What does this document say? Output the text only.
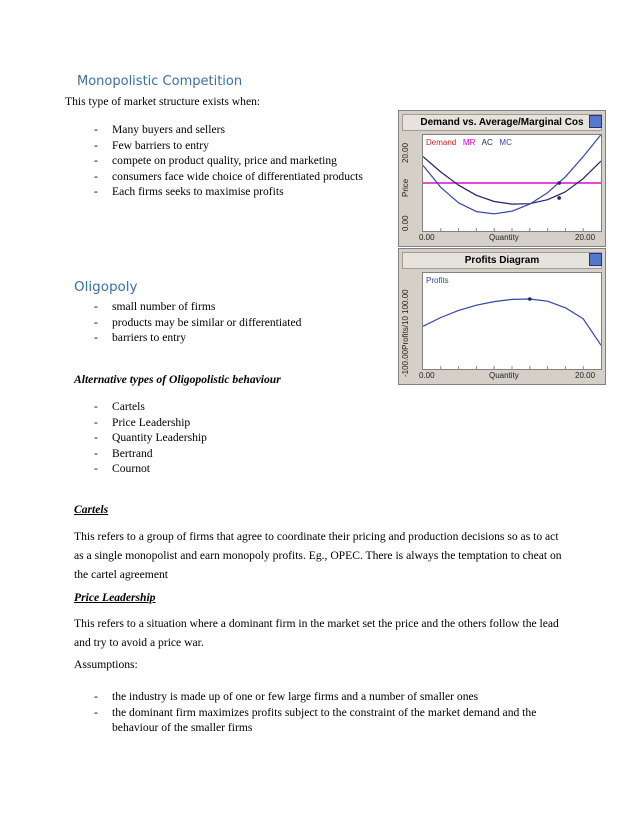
Monopolistic Competition
This type of market structure exists when:
- Many buyers and sellers
- Few barriers to entry
- compete on product quality, price and marketing
- consumers face wide choice of differentiated products
- Each firms seeks to maximise profits
Oligopoly
- small number of firms
- products may be similar or differentiated
- barriers to entry
Alternative types of Oligopolistic behaviour
- Cartels
- Price Leadership
- Quantity Leadership
- Bertrand
- Cournot
Cartels
This refers to a group of firms that agree to coordinate their pricing and production decisions so as to act as a single monopolist and earn monopoly profits. Eg., OPEC. There is always the temptation to cheat on the cartel agreement
Price Leadership
This refers to a situation where a dominant firm in the market set the price and the others follow the lead and try to avoid a price war.
Assumptions:
- the industry is made up of one or few large firms and a number of smaller ones
- the dominant firm maximizes profits subject to the constraint of the market demand and the behaviour of the smaller firms
Demand vs. Average/Marginal Cos
Demand MR AC MC
20.00
Price
0.00
0.00	Quantity	20.00
Profits Diagram
Profits
-100.00Profits/10 100.00 0.00	Quantity	20.00
